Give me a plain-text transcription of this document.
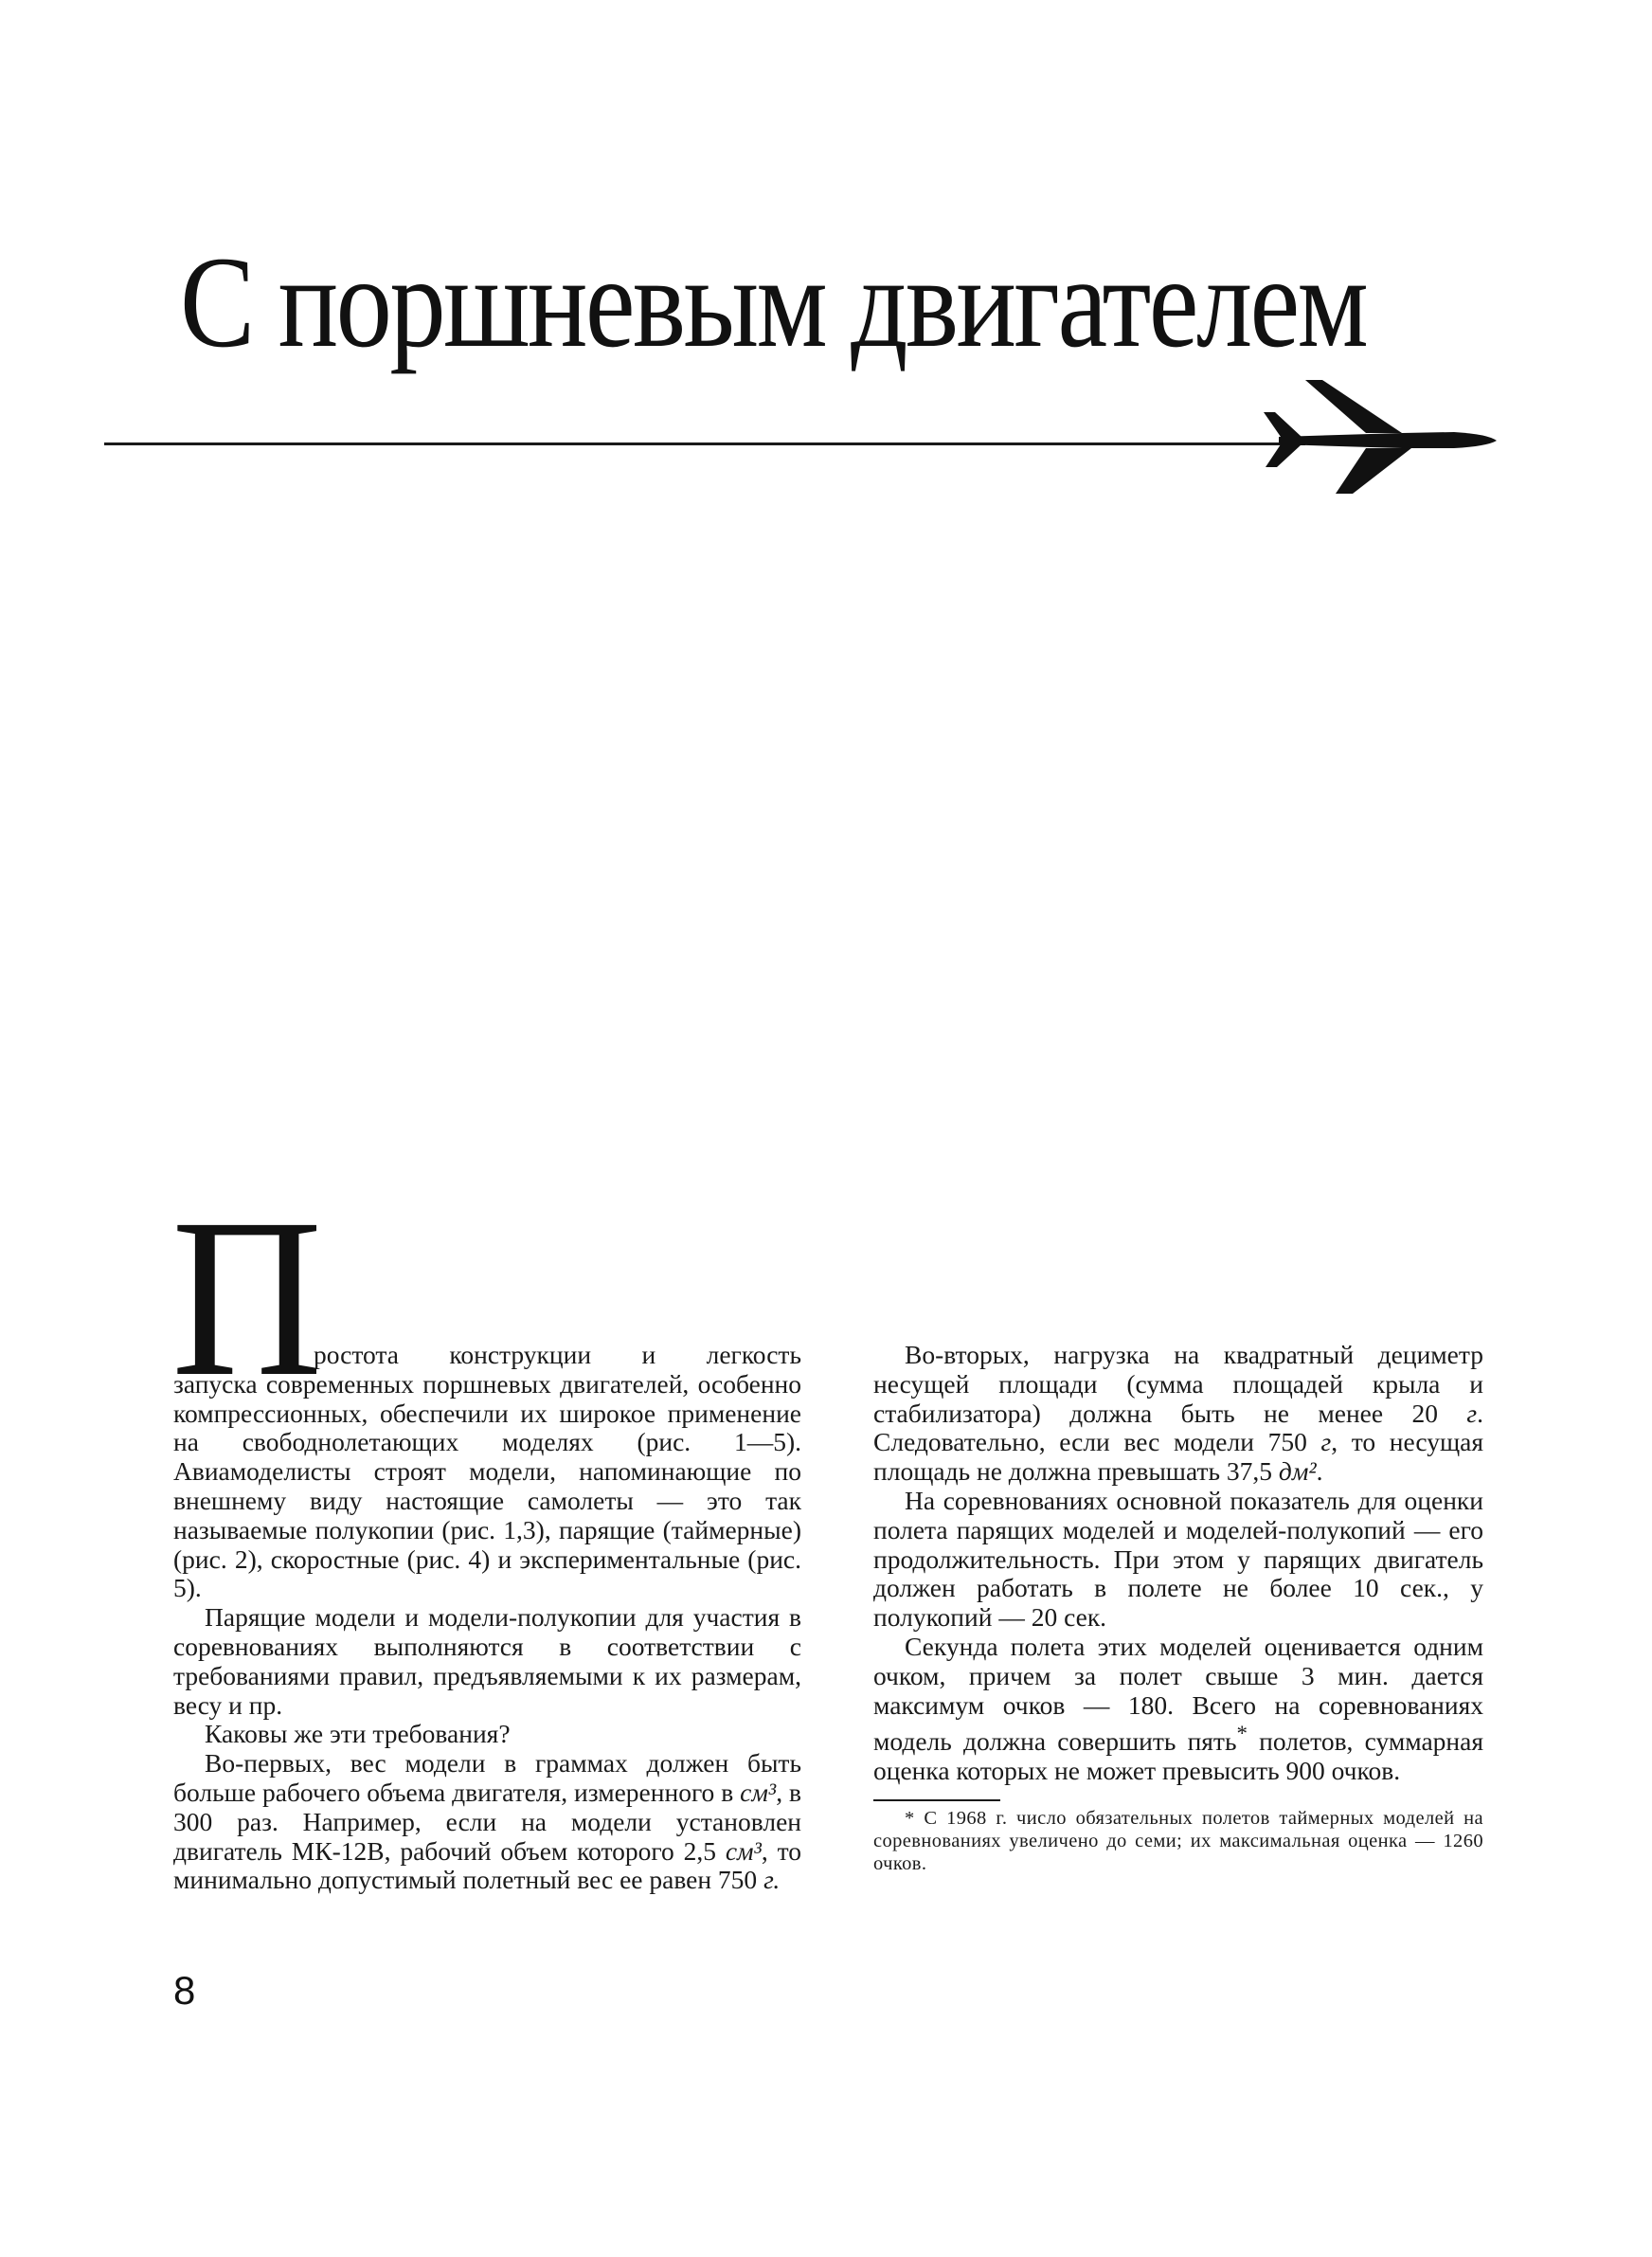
С поршневым двигателем

П
ростота конструкции и легкость
запуска современных поршневых двигателей, особенно компрессионных, обеспечили их широкое применение на свободнолетающих моделях (рис. 1—5). Авиамоделисты строят модели, напоминающие по внешнему виду настоящие самолеты — это так называемые полукопии (рис. 1,3), парящие (таймерные) (рис. 2), скоростные (рис. 4) и экспериментальные (рис. 5).

Парящие модели и модели-полукопии для участия в соревнованиях выполняются в соответствии с требованиями правил, предъявляемыми к их размерам, весу и пр.

Каковы же эти требования?

Во-первых, вес модели в граммах должен быть больше рабочего объема двигателя, измеренного в см³, в 300 раз. Например, если на модели установлен двигатель МК-12В, рабочий объем которого 2,5 см³, то минимально допустимый полетный вес ее равен 750 г.

Во-вторых, нагрузка на квадратный дециметр несущей площади (сумма площадей крыла и стабилизатора) должна быть не менее 20 г. Следовательно, если вес модели 750 г, то несущая площадь не должна превышать 37,5 дм².

На соревнованиях основной показатель для оценки полета парящих моделей и моделей-полукопий — его продолжительность. При этом у парящих двигатель должен работать в полете не более 10 сек., у полукопий — 20 сек.

Секунда полета этих моделей оценивается одним очком, причем за полет свыше 3 мин. дается максимум очков — 180. Всего на соревнованиях модель должна совершить пять* полетов, суммарная оценка которых не может превысить 900 очков.

* С 1968 г. число обязательных полетов таймерных моделей на соревнованиях увеличено до семи; их максимальная оценка — 1260 очков.

8
